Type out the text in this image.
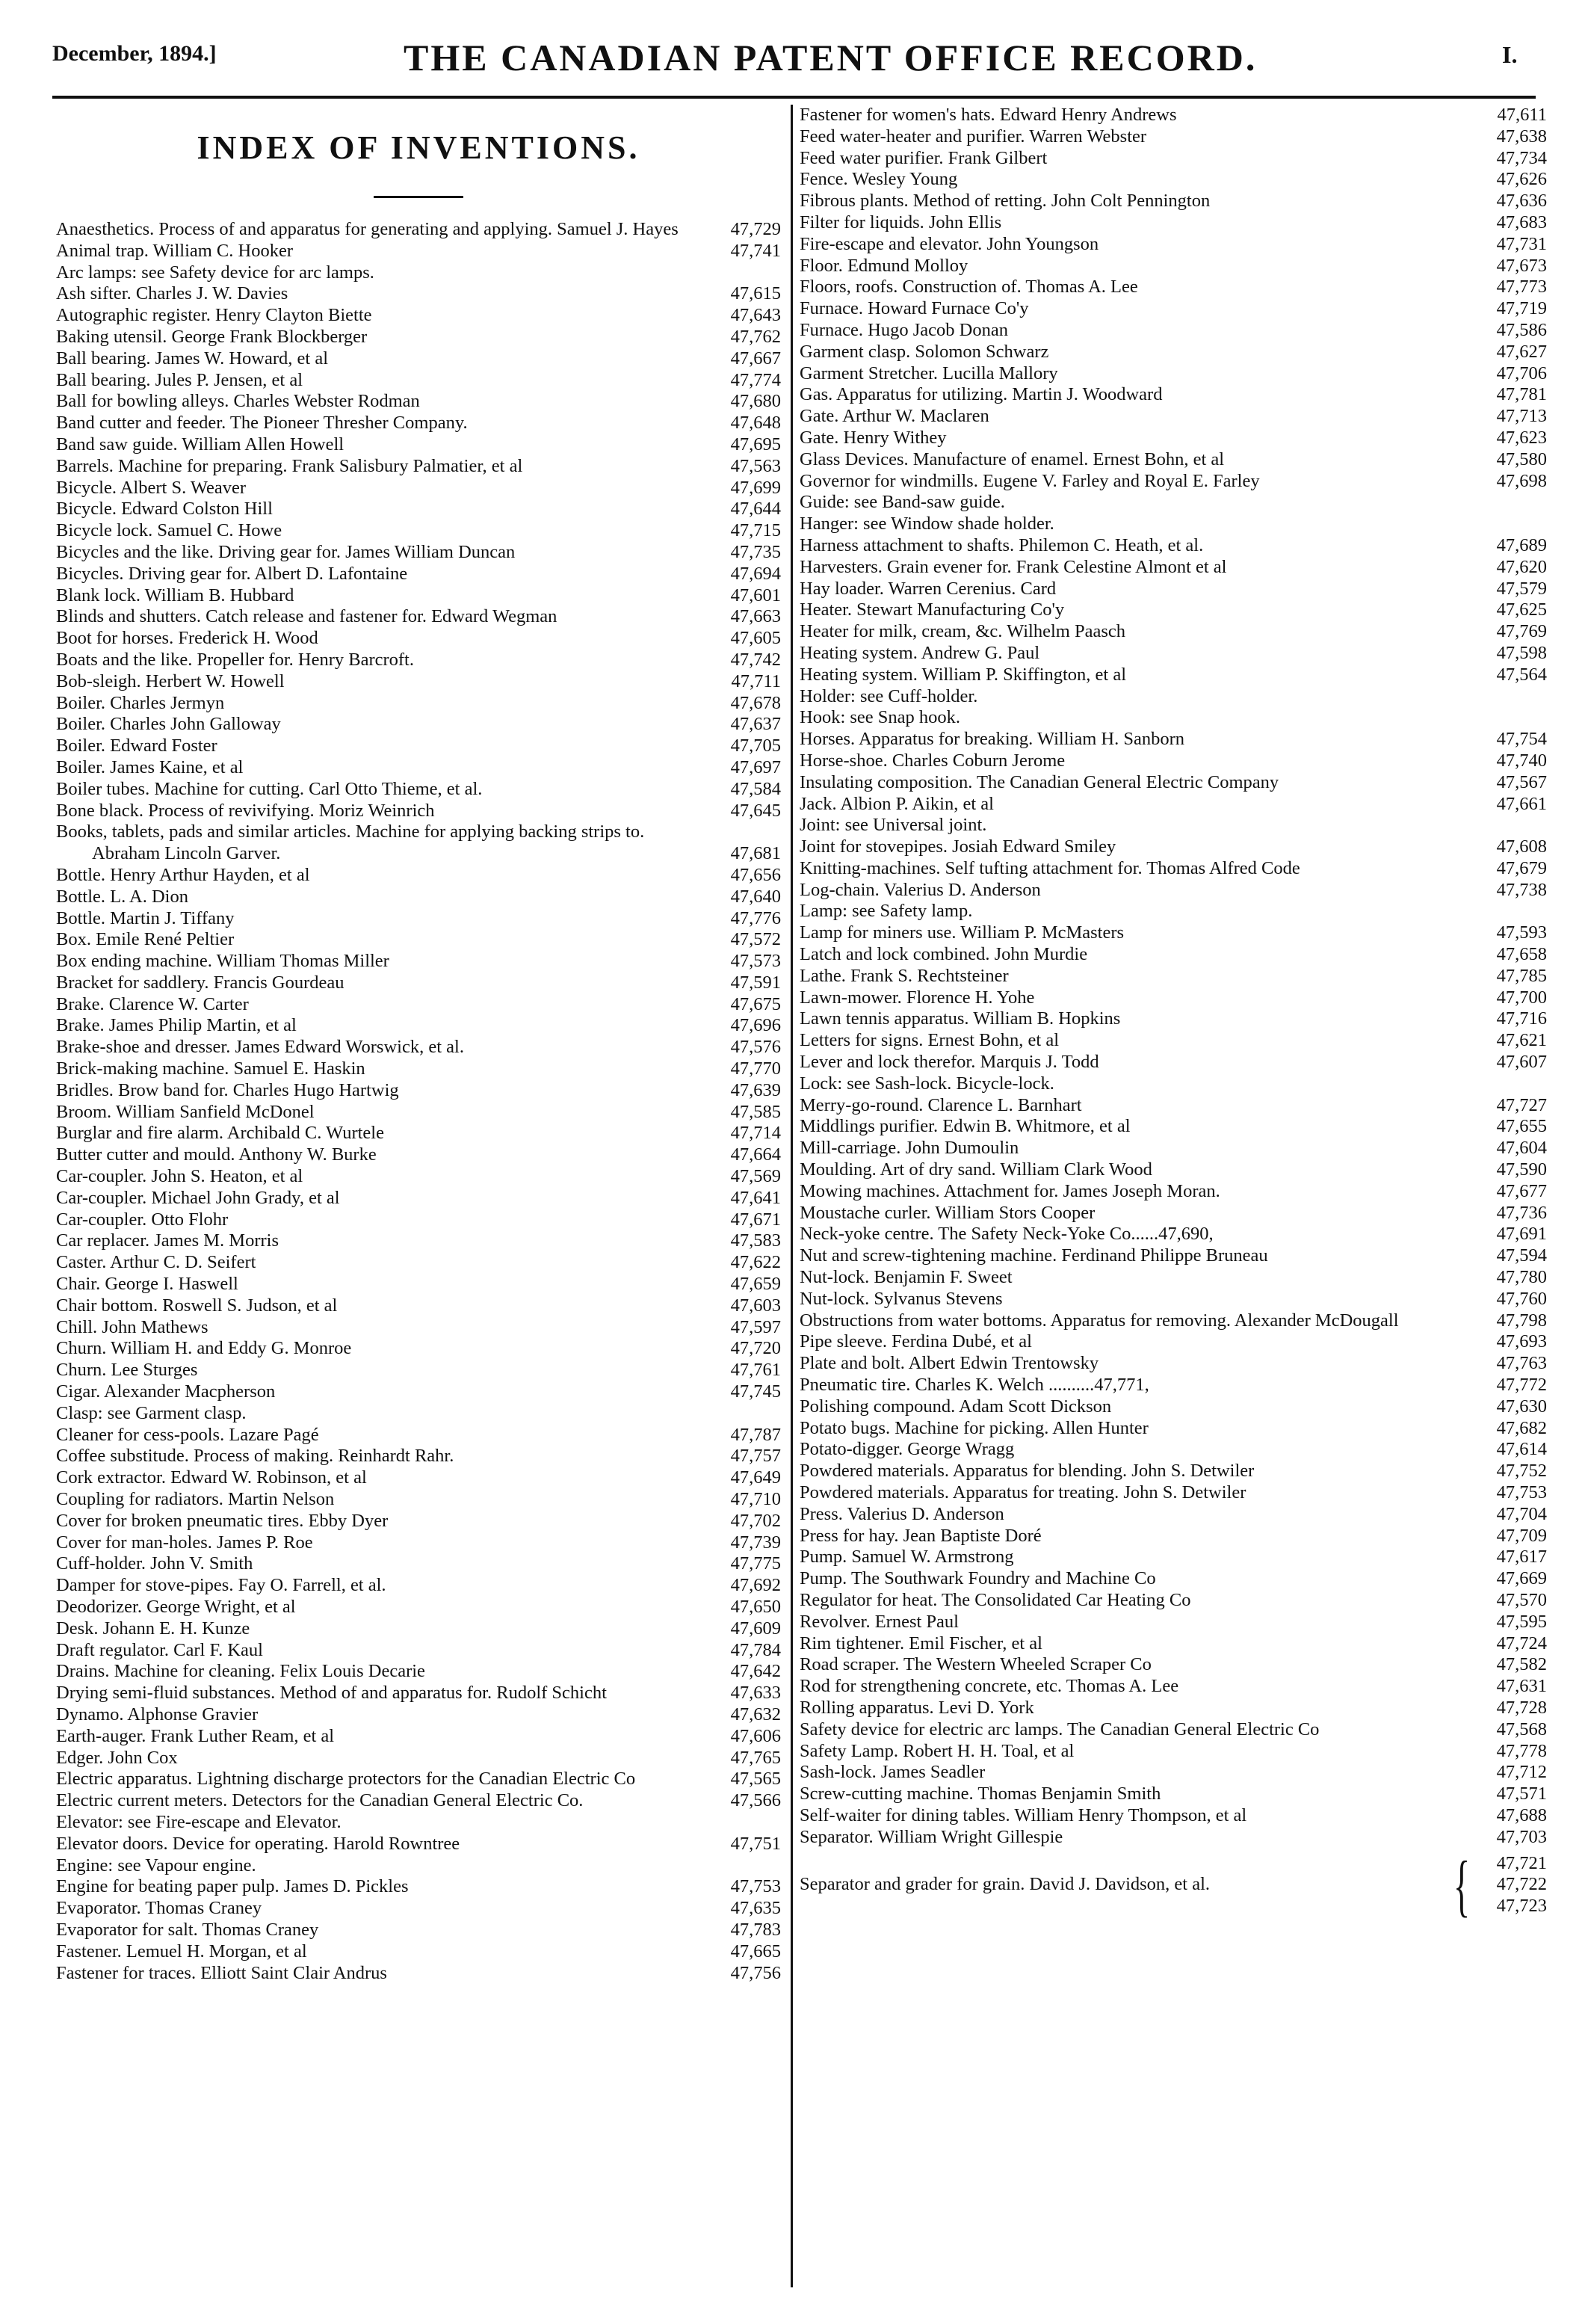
December, 1894.]	THE CANADIAN PATENT OFFICE RECORD.	I.
INDEX OF INVENTIONS.
Anaesthetics. Process of and apparatus for generating and applying. Samuel J. Hayes	47,729
Animal trap. William C. Hooker	47,741
Arc lamps: see Safety device for arc lamps.
Ash sifter. Charles J. W. Davies	47,615
Autographic register. Henry Clayton Biette	47,643
Baking utensil. George Frank Blockberger	47,762
Ball bearing. James W. Howard, et al	47,667
Ball bearing. Jules P. Jensen, et al	47,774
Ball for bowling alleys. Charles Webster Rodman	47,680
Band cutter and feeder. The Pioneer Thresher Company.	47,648
Band saw guide. William Allen Howell	47,695
Barrels. Machine for preparing. Frank Salisbury Palmatier, et al	47,563
Bicycle. Albert S. Weaver	47,699
Bicycle. Edward Colston Hill	47,644
Bicycle lock. Samuel C. Howe	47,715
Bicycles and the like. Driving gear for. James William Duncan	47,735
Bicycles. Driving gear for. Albert D. Lafontaine	47,694
Blank lock. William B. Hubbard	47,601
Blinds and shutters. Catch release and fastener for. Edward Wegman	47,663
Boot for horses. Frederick H. Wood	47,605
Boats and the like. Propeller for. Henry Barcroft.	47,742
Bob-sleigh. Herbert W. Howell	47,711
Boiler. Charles Jermyn	47,678
Boiler. Charles John Galloway	47,637
Boiler. Edward Foster	47,705
Boiler. James Kaine, et al	47,697
Boiler tubes. Machine for cutting. Carl Otto Thieme, et al.	47,584
Bone black. Process of revivifying. Moriz Weinrich	47,645
Books, tablets, pads and similar articles. Machine for applying backing strips to. Abraham Lincoln Garver.	47,681
Bottle. Henry Arthur Hayden, et al	47,656
Bottle. L. A. Dion	47,640
Bottle. Martin J. Tiffany	47,776
Box. Emile René Peltier	47,572
Box ending machine. William Thomas Miller	47,573
Bracket for saddlery. Francis Gourdeau	47,591
Brake. Clarence W. Carter	47,675
Brake. James Philip Martin, et al	47,696
Brake-shoe and dresser. James Edward Worswick, et al.	47,576
Brick-making machine. Samuel E. Haskin	47,770
Bridles. Brow band for. Charles Hugo Hartwig	47,639
Broom. William Sanfield McDonel	47,585
Burglar and fire alarm. Archibald C. Wurtele	47,714
Butter cutter and mould. Anthony W. Burke	47,664
Car-coupler. John S. Heaton, et al	47,569
Car-coupler. Michael John Grady, et al	47,641
Car-coupler. Otto Flohr	47,671
Car replacer. James M. Morris	47,583
Caster. Arthur C. D. Seifert	47,622
Chair. George I. Haswell	47,659
Chair bottom. Roswell S. Judson, et al	47,603
Chill. John Mathews	47,597
Churn. William H. and Eddy G. Monroe	47,720
Churn. Lee Sturges	47,761
Cigar. Alexander Macpherson	47,745
Clasp: see Garment clasp.
Cleaner for cess-pools. Lazare Pagé	47,787
Coffee substitude. Process of making. Reinhardt Rahr.	47,757
Cork extractor. Edward W. Robinson, et al	47,649
Coupling for radiators. Martin Nelson	47,710
Cover for broken pneumatic tires. Ebby Dyer	47,702
Cover for man-holes. James P. Roe	47,739
Cuff-holder. John V. Smith	47,775
Damper for stove-pipes. Fay O. Farrell, et al.	47,692
Deodorizer. George Wright, et al	47,650
Desk. Johann E. H. Kunze	47,609
Draft regulator. Carl F. Kaul	47,784
Drains. Machine for cleaning. Felix Louis Decarie	47,642
Drying semi-fluid substances. Method of and apparatus for. Rudolf Schicht	47,633
Dynamo. Alphonse Gravier	47,632
Earth-auger. Frank Luther Ream, et al	47,606
Edger. John Cox	47,765
Electric apparatus. Lightning discharge protectors for the Canadian Electric Co	47,565
Electric current meters. Detectors for the Canadian General Electric Co.	47,566
Elevator: see Fire-escape and Elevator.
Elevator doors. Device for operating. Harold Rowntree	47,751
Engine: see Vapour engine.
Engine for beating paper pulp. James D. Pickles	47,753
Evaporator. Thomas Craney	47,635
Evaporator for salt. Thomas Craney	47,783
Fastener. Lemuel H. Morgan, et al	47,665
Fastener for traces. Elliott Saint Clair Andrus	47,756
Fastener for women's hats. Edward Henry Andrews	47,611
Feed water-heater and purifier. Warren Webster	47,638
Feed water purifier. Frank Gilbert	47,734
Fence. Wesley Young	47,626
Fibrous plants. Method of retting. John Colt Pennington	47,636
Filter for liquids. John Ellis	47,683
Fire-escape and elevator. John Youngson	47,731
Floor. Edmund Molloy	47,673
Floors, roofs. Construction of. Thomas A. Lee	47,773
Furnace. Howard Furnace Co'y	47,719
Furnace. Hugo Jacob Donan	47,586
Garment clasp. Solomon Schwarz	47,627
Garment Stretcher. Lucilla Mallory	47,706
Gas. Apparatus for utilizing. Martin J. Woodward	47,781
Gate. Arthur W. Maclaren	47,713
Gate. Henry Withey	47,623
Glass Devices. Manufacture of enamel. Ernest Bohn, et al	47,580
Governor for windmills. Eugene V. Farley and Royal E. Farley	47,698
Guide: see Band-saw guide.
Hanger: see Window shade holder.
Harness attachment to shafts. Philemon C. Heath, et al.	47,689
Harvesters. Grain evener for. Frank Celestine Almont et al	47,620
Hay loader. Warren Cerenius. Card	47,579
Heater. Stewart Manufacturing Co'y	47,625
Heater for milk, cream, &c. Wilhelm Paasch	47,769
Heating system. Andrew G. Paul	47,598
Heating system. William P. Skiffington, et al	47,564
Holder: see Cuff-holder.
Hook: see Snap hook.
Horses. Apparatus for breaking. William H. Sanborn	47,754
Horse-shoe. Charles Coburn Jerome	47,740
Insulating composition. The Canadian General Electric Company	47,567
Jack. Albion P. Aikin, et al	47,661
Joint: see Universal joint.
Joint for stovepipes. Josiah Edward Smiley	47,608
Knitting-machines. Self tufting attachment for. Thomas Alfred Code	47,679
Log-chain. Valerius D. Anderson	47,738
Lamp: see Safety lamp.
Lamp for miners use. William P. McMasters	47,593
Latch and lock combined. John Murdie	47,658
Lathe. Frank S. Rechtsteiner	47,785
Lawn-mower. Florence H. Yohe	47,700
Lawn tennis apparatus. William B. Hopkins	47,716
Letters for signs. Ernest Bohn, et al	47,621
Lever and lock therefor. Marquis J. Todd	47,607
Lock: see Sash-lock. Bicycle-lock.
Merry-go-round. Clarence L. Barnhart	47,727
Middlings purifier. Edwin B. Whitmore, et al	47,655
Mill-carriage. John Dumoulin	47,604
Moulding. Art of dry sand. William Clark Wood	47,590
Mowing machines. Attachment for. James Joseph Moran.	47,677
Moustache curler. William Stors Cooper	47,736
Neck-yoke centre. The Safety Neck-Yoke Co......47,690,	47,691
Nut and screw-tightening machine. Ferdinand Philippe Bruneau	47,594
Nut-lock. Benjamin F. Sweet	47,780
Nut-lock. Sylvanus Stevens	47,760
Obstructions from water bottoms. Apparatus for removing. Alexander McDougall	47,798
Pipe sleeve. Ferdina Dubé, et al	47,693
Plate and bolt. Albert Edwin Trentowsky	47,763
Pneumatic tire. Charles K. Welch ..........47,771,	47,772
Polishing compound. Adam Scott Dickson	47,630
Potato bugs. Machine for picking. Allen Hunter	47,682
Potato-digger. George Wragg	47,614
Powdered materials. Apparatus for blending. John S. Detwiler	47,752
Powdered materials. Apparatus for treating. John S. Detwiler	47,753
Press. Valerius D. Anderson	47,704
Press for hay. Jean Baptiste Doré	47,709
Pump. Samuel W. Armstrong	47,617
Pump. The Southwark Foundry and Machine Co	47,669
Regulator for heat. The Consolidated Car Heating Co	47,570
Revolver. Ernest Paul	47,595
Rim tightener. Emil Fischer, et al	47,724
Road scraper. The Western Wheeled Scraper Co	47,582
Rod for strengthening concrete, etc. Thomas A. Lee	47,631
Rolling apparatus. Levi D. York	47,728
Safety device for electric arc lamps. The Canadian General Electric Co	47,568
Safety Lamp. Robert H. H. Toal, et al	47,778
Sash-lock. James Seadler	47,712
Screw-cutting machine. Thomas Benjamin Smith	47,571
Self-waiter for dining tables. William Henry Thompson, et al	47,688
Separator. William Wright Gillespie	47,703
Separator and grader for grain. David J. Davidson, et al.	{	47,721
47,722
47,723
